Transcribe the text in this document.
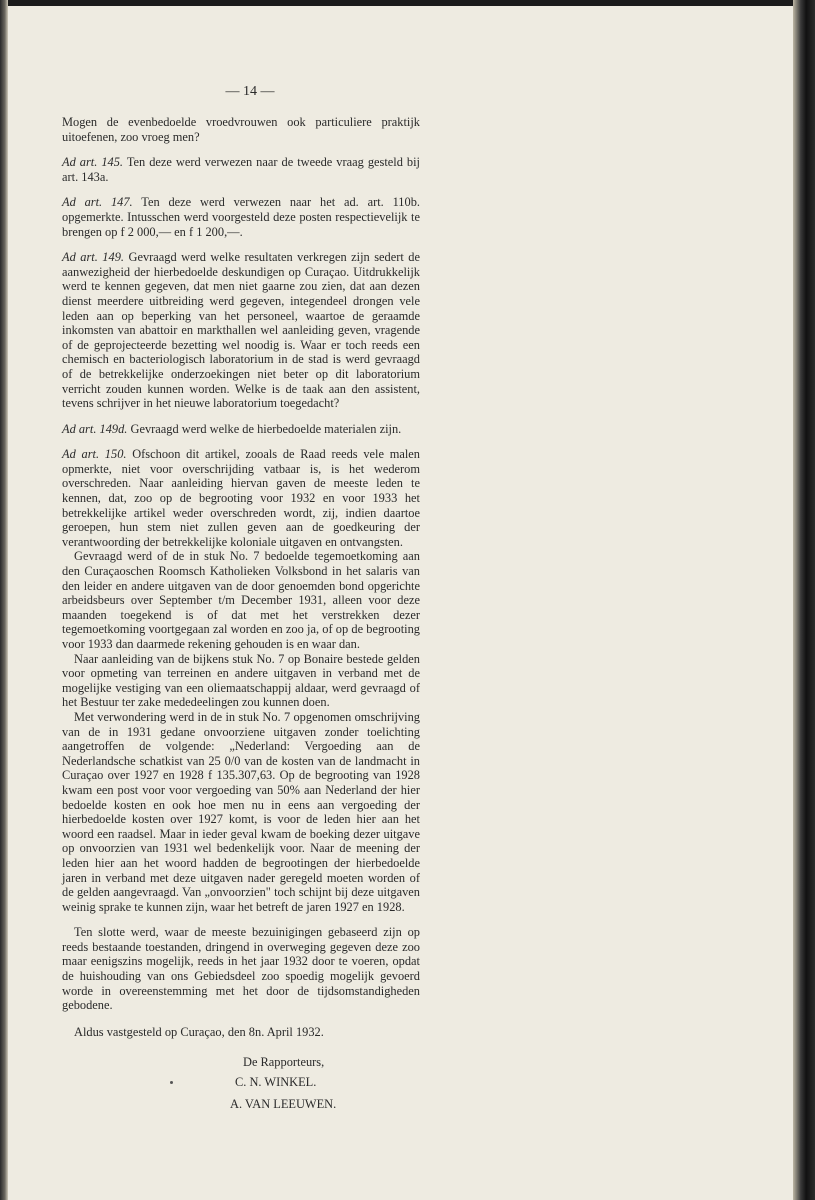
— 14 —

Mogen de evenbedoelde vroedvrouwen ook particuliere praktijk uitoefenen, zoo vroeg men?

Ad art. 145. Ten deze werd verwezen naar de tweede vraag gesteld bij art. 143a.

Ad art. 147. Ten deze werd verwezen naar het ad. art. 110b. opgemerkte. Intusschen werd voorgesteld deze posten respectievelijk te brengen op f 2 000,— en f 1 200,—.

Ad art. 149. Gevraagd werd welke resultaten verkregen zijn sedert de aanwezigheid der hierbedoelde deskundigen op Curaçao. Uitdrukkelijk werd te kennen gegeven, dat men niet gaarne zou zien, dat aan dezen dienst meerdere uitbreiding werd gegeven, integendeel drongen vele leden aan op beperking van het personeel, waartoe de geraamde inkomsten van abattoir en markthallen wel aanleiding geven, vragende of de geprojecteerde bezetting wel noodig is. Waar er toch reeds een chemisch en bacteriologisch laboratorium in de stad is werd gevraagd of de betrekkelijke onderzoekingen niet beter op dit laboratorium verricht zouden kunnen worden. Welke is de taak aan den assistent, tevens schrijver in het nieuwe laboratorium toegedacht?

Ad art. 149d. Gevraagd werd welke de hierbedoelde materialen zijn.

Ad art. 150. Ofschoon dit artikel, zooals de Raad reeds vele malen opmerkte, niet voor overschrijding vatbaar is, is het wederom overschreden. Naar aanleiding hiervan gaven de meeste leden te kennen, dat, zoo op de begrooting voor 1932 en voor 1933 het betrekkelijke artikel weder overschreden wordt, zij, indien daartoe geroepen, hun stem niet zullen geven aan de goedkeuring der verantwoording der betrekkelijke koloniale uitgaven en ontvangsten.

Gevraagd werd of de in stuk No. 7 bedoelde tegemoetkoming aan den Curaçaoschen Roomsch Katholieken Volksbond in het salaris van den leider en andere uitgaven van de door genoemden bond opgerichte arbeidsbeurs over September t/m December 1931, alleen voor deze maanden toegekend is of dat met het verstrekken dezer tegemoetkoming voortgegaan zal worden en zoo ja, of op de begrooting voor 1933 dan daarmede rekening gehouden is en waar dan.

Naar aanleiding van de bijkens stuk No. 7 op Bonaire bestede gelden voor opmeting van terreinen en andere uitgaven in verband met de mogelijke vestiging van een oliemaatschappij aldaar, werd gevraagd of het Bestuur ter zake mededeelingen zou kunnen doen.

Met verwondering werd in de in stuk No. 7 opgenomen omschrijving van de in 1931 gedane onvoorziene uitgaven zonder toelichting aangetroffen de volgende: „Nederland: Vergoeding aan de Nederlandsche schatkist van 25 0/0 van de kosten van de landmacht in Curaçao over 1927 en 1928 f 135.307,63. Op de begrooting van 1928 kwam een post voor voor vergoeding van 50% aan Nederland der hier bedoelde kosten en ook hoe men nu in eens aan vergoeding der hierbedoelde kosten over 1927 komt, is voor de leden hier aan het woord een raadsel. Maar in ieder geval kwam de boeking dezer uitgave op onvoorzien van 1931 wel bedenkelijk voor. Naar de meening der leden hier aan het woord hadden de begrootingen der hierbedoelde jaren in verband met deze uitgaven nader geregeld moeten worden of de gelden aangevraagd. Van „onvoorzien" toch schijnt bij deze uitgaven weinig sprake te kunnen zijn, waar het betreft de jaren 1927 en 1928.

Ten slotte werd, waar de meeste bezuinigingen gebaseerd zijn op reeds bestaande toestanden, dringend in overweging gegeven deze zoo maar eenigszins mogelijk, reeds in het jaar 1932 door te voeren, opdat de huishouding van ons Gebiedsdeel zoo spoedig mogelijk gevoerd worde in overeenstemming met het door de tijdsomstandigheden gebodene.

Aldus vastgesteld op Curaçao, den 8n. April 1932.

De Rapporteurs,
C. N. WINKEL.
A. VAN LEEUWEN.
